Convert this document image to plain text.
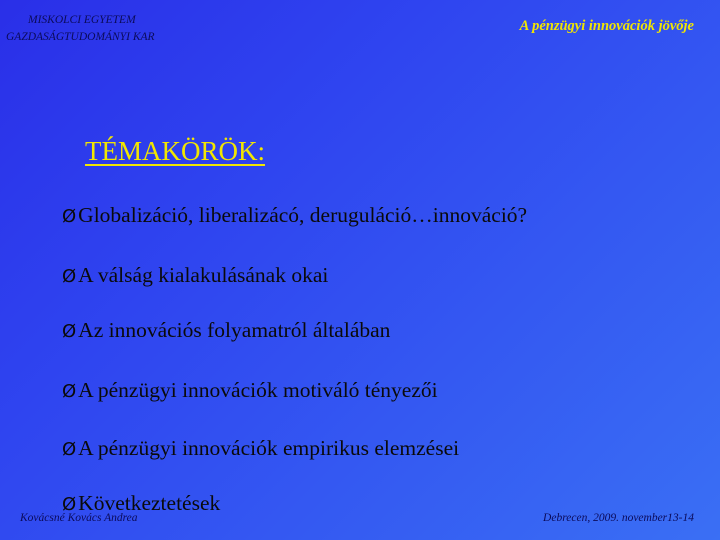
MISKOLCI EGYETEM
GAZDASÁGTUDOMÁNYI KAR
A pénzügyi innovációk jövője
TÉMAKÖRÖK:
ØGlobalizáció, liberalizácó, deruguláció…innováció?
ØA válság kialakulásának okai
ØAz innovációs folyamatról általában
ØA pénzügyi innovációk motiváló tényezői
ØA pénzügyi innovációk empirikus elemzései
ØKövetkeztetések
Kovácsné Kovács Andrea	Debrecen, 2009. november13-14
